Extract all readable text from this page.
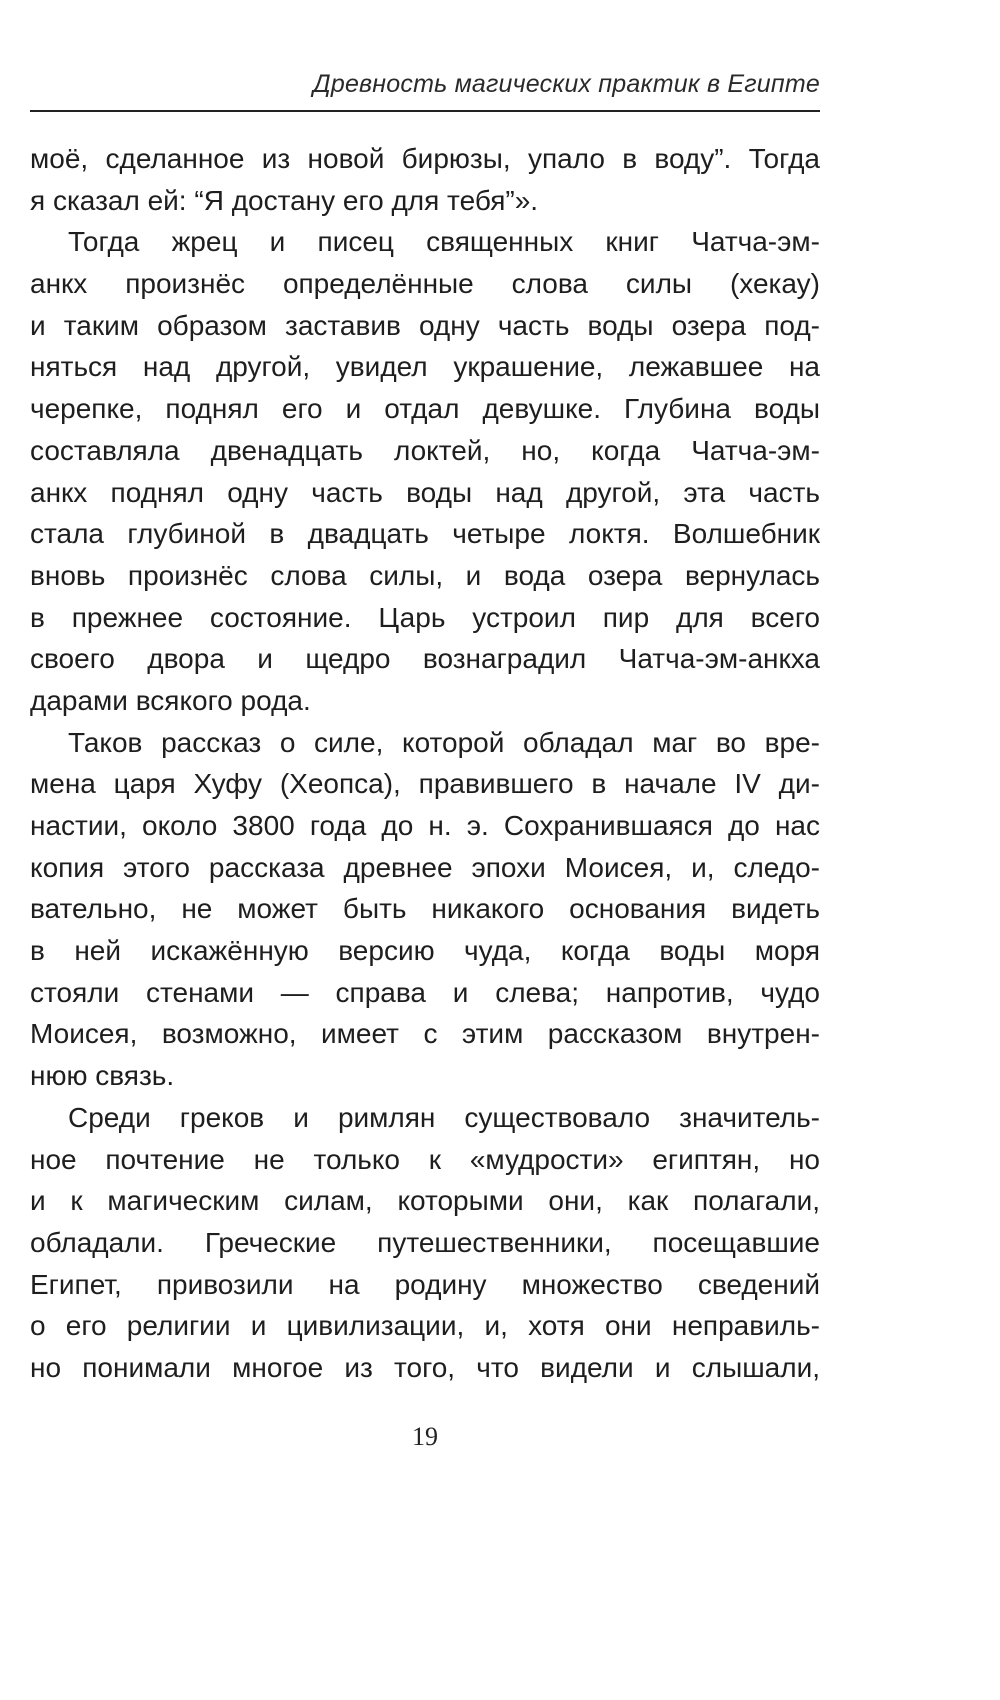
Древность магических практик в Египте
моё, сделанное из новой бирюзы, упало в воду”. Тогда
я сказал ей: “Я достану его для тебя”».
Тогда жрец и писец священных книг Чатча-эм-
анкх произнёс определённые слова силы (хекау)
и таким образом заставив одну часть воды озера под-
няться над другой, увидел украшение, лежавшее на
черепке, поднял его и отдал девушке. Глубина воды
составляла двенадцать локтей, но, когда Чатча-эм-
анкх поднял одну часть воды над другой, эта часть
стала глубиной в двадцать четыре локтя. Волшебник
вновь произнёс слова силы, и вода озера вернулась
в прежнее состояние. Царь устроил пир для всего
своего двора и щедро вознаградил Чатча-эм-анкха
дарами всякого рода.
Таков рассказ о силе, которой обладал маг во вре-
мена царя Хуфу (Хеопса), правившего в начале IV ди-
настии, около 3800 года до н. э. Сохранившаяся до нас
копия этого рассказа древнее эпохи Моисея, и, следо-
вательно, не может быть никакого основания видеть
в ней искажённую версию чуда, когда воды моря
стояли стенами — справа и слева; напротив, чудо
Моисея, возможно, имеет с этим рассказом внутрен-
нюю связь.
Среди греков и римлян существовало значитель-
ное почтение не только к «мудрости» египтян, но
и к магическим силам, которыми они, как полагали,
обладали. Греческие путешественники, посещавшие
Египет, привозили на родину множество сведений
о его религии и цивилизации, и, хотя они неправиль-
но понимали многое из того, что видели и слышали,
19
